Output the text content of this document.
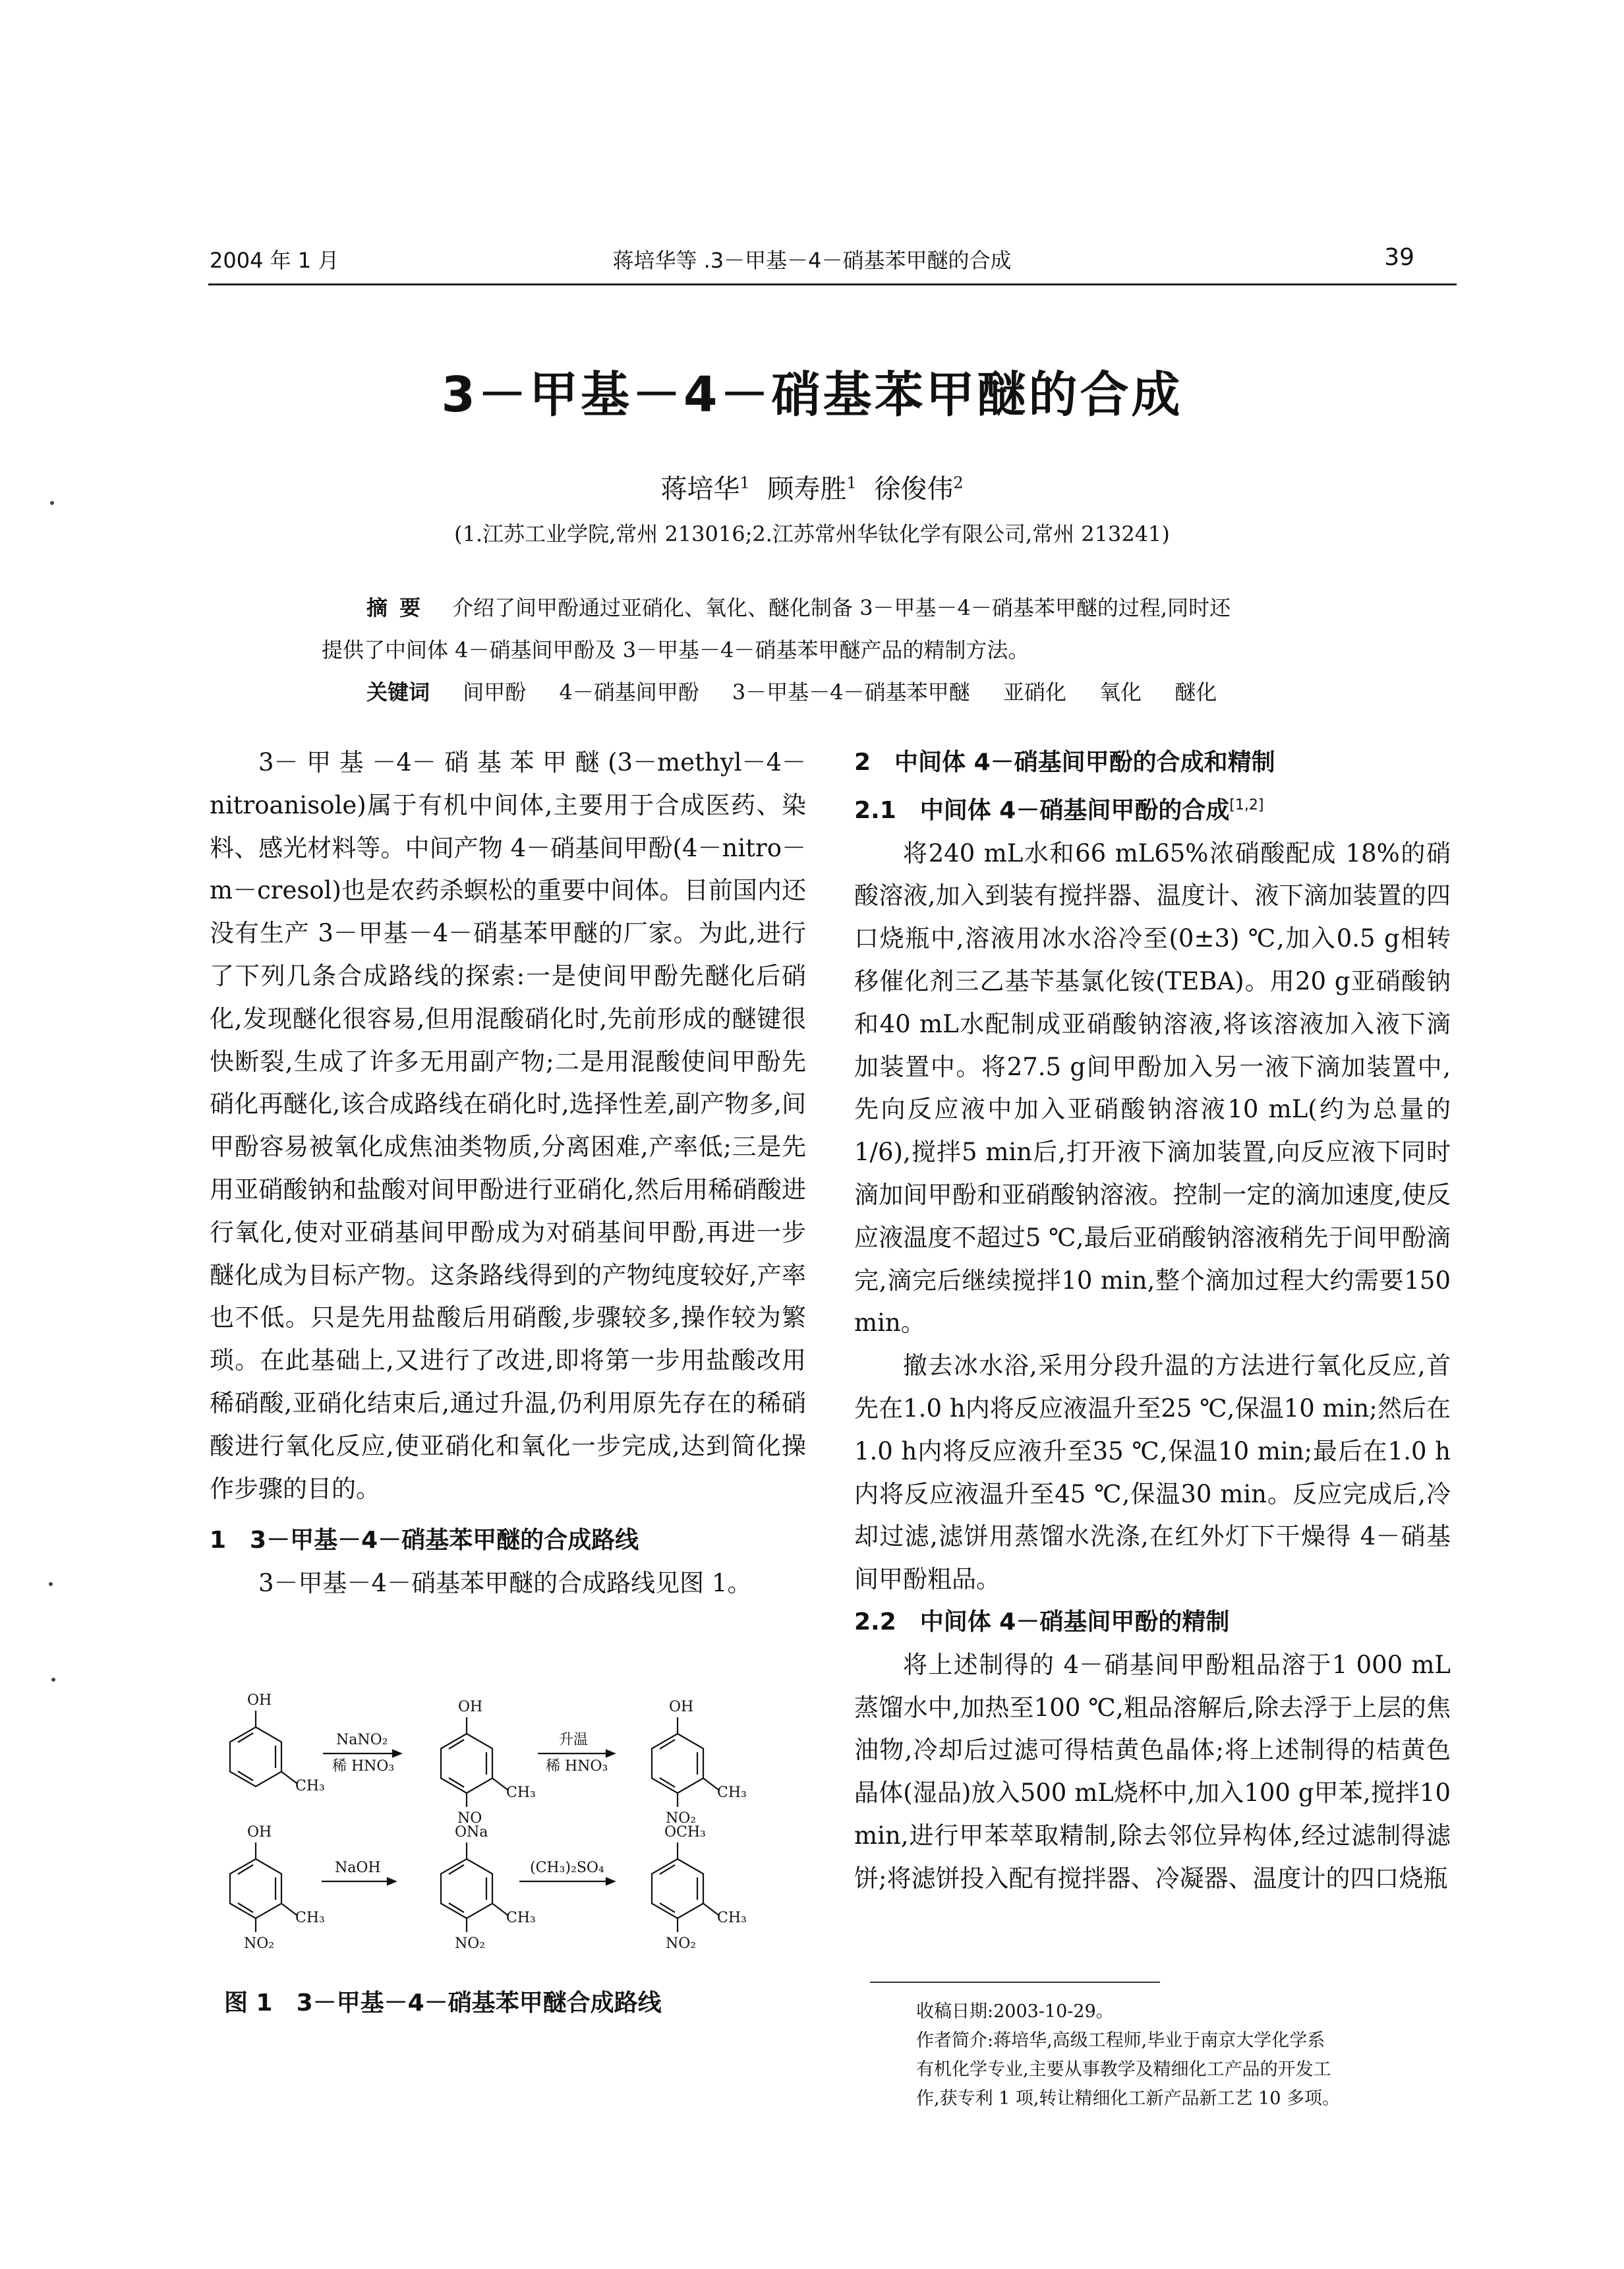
2004 年 1 月	蒋培华等 .3－甲基－4－硝基苯甲醚的合成	39
3－甲基－4－硝基苯甲醚的合成
蒋培华$^1$ 顾寿胜$^1$ 徐俊伟$^2$
(1.江苏工业学院,常州 213016;2.江苏常州华钛化学有限公司,常州 213241)
摘要 介绍了间甲酚通过亚硝化、氧化、醚化制备 3－甲基－4－硝基苯甲醚的过程,同时还
提供了中间体 4－硝基间甲酚及 3－甲基－4－硝基苯甲醚产品的精制方法。
关键词 间甲酚 4－硝基间甲酚 3－甲基－4－硝基苯甲醚 亚硝化 氧化 醚化

3－甲基－4－硝基苯甲醚(3－methyl－4－nitroanisole)属于有机中间体,主要用于合成医药、染料、感光材料等。中间产物 4－硝基间甲酚(4－nitro－m－cresol)也是农药杀螟松的重要中间体。目前国内还没有生产 3－甲基－4－硝基苯甲醚的厂家。为此,进行了下列几条合成路线的探索:一是使间甲酚先醚化后硝化,发现醚化很容易,但用混酸硝化时,先前形成的醚键很快断裂,生成了许多无用副产物;二是用混酸使间甲酚先硝化再醚化,该合成路线在硝化时,选择性差,副产物多,间甲酚容易被氧化成焦油类物质,分离困难,产率低;三是先用亚硝酸钠和盐酸对间甲酚进行亚硝化,然后用稀硝酸进行氧化,使对亚硝基间甲酚成为对硝基间甲酚,再进一步醚化成为目标产物。这条路线得到的产物纯度较好,产率也不低。只是先用盐酸后用硝酸,步骤较多,操作较为繁琐。在此基础上,又进行了改进,即将第一步用盐酸改用稀硝酸,亚硝化结束后,通过升温,仍利用原先存在的稀硝酸进行氧化反应,使亚硝化和氧化一步完成,达到简化操作步骤的目的。

1　3－甲基－4－硝基苯甲醚的合成路线

3－甲基－4－硝基苯甲醚的合成路线见图 1。

OH
CH₃
OH
CH₃
NO
OH
CH₃
NO₂
NaNO₂
稀 HNO₃
升温
稀 HNO₃
OH
CH₃
NO₂
ONa
CH₃
NO₂
OCH₃
CH₃
NO₂
NaOH	(CH₃)₂SO₄
图 1　3－甲基－4－硝基苯甲醚合成路线
2　中间体 4－硝基间甲酚的合成和精制
2.1　中间体 4－硝基间甲酚的合成[1,2]

将240 mL水和66 mL65%浓硝酸配成 18%的硝酸溶液,加入到装有搅拌器、温度计、液下滴加装置的四口烧瓶中,溶液用冰水浴冷至(0±3) ℃,加入0.5 g相转移催化剂三乙基苄基氯化铵(TEBA)。用20 g亚硝酸钠和40 mL水配制成亚硝酸钠溶液,将该溶液加入液下滴加装置中。将27.5 g间甲酚加入另一液下滴加装置中,先向反应液中加入亚硝酸钠溶液10 mL(约为总量的1/6),搅拌5 min后,打开液下滴加装置,向反应液下同时滴加间甲酚和亚硝酸钠溶液。控制一定的滴加速度,使反应液温度不超过5 ℃,最后亚硝酸钠溶液稍先于间甲酚滴完,滴完后继续搅拌10 min,整个滴加过程大约需要150 min。

撤去冰水浴,采用分段升温的方法进行氧化反应,首先在1.0 h内将反应液温升至25 ℃,保温10 min;然后在1.0 h内将反应液升至35 ℃,保温10 min;最后在1.0 h内将反应液温升至45 ℃,保温30 min。反应完成后,冷却过滤,滤饼用蒸馏水洗涤,在红外灯下干燥得 4－硝基间甲酚粗品。

2.2　中间体 4－硝基间甲酚的精制

将上述制得的 4－硝基间甲酚粗品溶于1 000 mL蒸馏水中,加热至100 ℃,粗品溶解后,除去浮于上层的焦油物,冷却后过滤可得桔黄色晶体;将上述制得的桔黄色晶体(湿品)放入500 mL烧杯中,加入100 g甲苯,搅拌10 min,进行甲苯萃取精制,除去邻位异构体,经过滤制得滤饼;将滤饼投入配有搅拌器、冷凝器、温度计的四口烧瓶

收稿日期:2003-10-29。
作者简介:蒋培华,高级工程师,毕业于南京大学化学系
有机化学专业,主要从事教学及精细化工产品的开发工
作,获专利 1 项,转让精细化工新产品新工艺 10 多项。
